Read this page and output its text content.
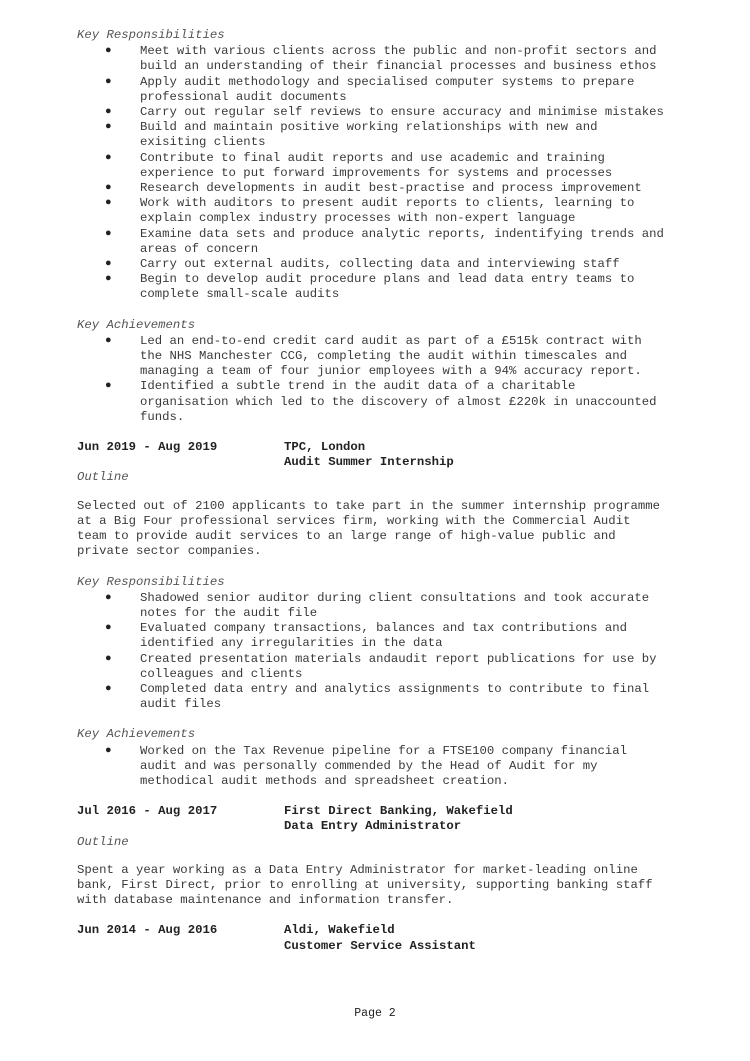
Key Responsibilities

● Meet with various clients across the public and non-profit sectors and
build an understanding of their financial processes and business ethos
● Apply audit methodology and specialised computer systems to prepare
professional audit documents
● Carry out regular self reviews to ensure accuracy and minimise mistakes
● Build and maintain positive working relationships with new and
exisiting clients
● Contribute to final audit reports and use academic and training
experience to put forward improvements for systems and processes
● Research developments in audit best-practise and process improvement
● Work with auditors to present audit reports to clients, learning to
explain complex industry processes with non-expert language
● Examine data sets and produce analytic reports, indentifying trends and
areas of concern
● Carry out external audits, collecting data and interviewing staff
● Begin to develop audit procedure plans and lead data entry teams to
complete small-scale audits

Key Achievements

● Led an end-to-end credit card audit as part of a £515k contract with
the NHS Manchester CCG, completing the audit within timescales and
managing a team of four junior employees with a 94% accuracy report.
● Identified a subtle trend in the audit data of a charitable
organisation which led to the discovery of almost £220k in unaccounted
funds.
Jun 2019 - Aug 2019	TPC, London
Audit Summer Internship

Outline

Selected out of 2100 applicants to take part in the summer internship programme
at a Big Four professional services firm, working with the Commercial Audit
team to provide audit services to an large range of high-value public and
private sector companies.

Key Responsibilities

● Shadowed senior auditor during client consultations and took accurate
notes for the audit file
● Evaluated company transactions, balances and tax contributions and
identified any irregularities in the data
● Created presentation materials andaudit report publications for use by
colleagues and clients
● Completed data entry and analytics assignments to contribute to final
audit files

Key Achievements

● Worked on the Tax Revenue pipeline for a FTSE100 company financial
audit and was personally commended by the Head of Audit for my
methodical audit methods and spreadsheet creation.
Jul 2016 - Aug 2017	First Direct Banking, Wakefield
Data Entry Administrator

Outline

Spent a year working as a Data Entry Administrator for market-leading online
bank, First Direct, prior to enrolling at university, supporting banking staff
with database maintenance and information transfer.

Jun 2014 - Aug 2016	Aldi, Wakefield
Customer Service Assistant
Page 2
